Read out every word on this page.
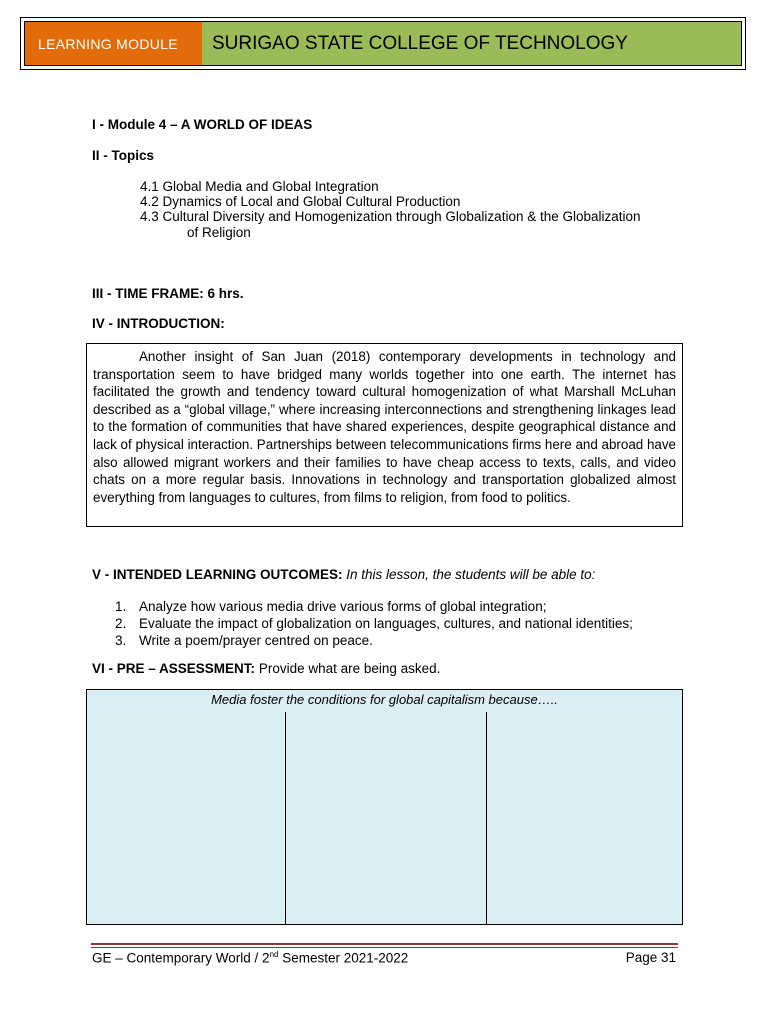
LEARNING MODULE	SURIGAO STATE COLLEGE OF TECHNOLOGY
I - Module 4 – A WORLD OF IDEAS
II - Topics
4.1 Global Media and Global Integration
4.2 Dynamics of Local and Global Cultural Production
4.3 Cultural Diversity and Homogenization through Globalization & the Globalization
of Religion
III - TIME FRAME: 6 hrs.
IV - INTRODUCTION:
Another insight of San Juan (2018) contemporary developments in technology and transportation seem to have bridged many worlds together into one earth. The internet has facilitated the growth and tendency toward cultural homogenization of what Marshall McLuhan described as a “global village,” where increasing interconnections and strengthening linkages lead to the formation of communities that have shared experiences, despite geographical distance and lack of physical interaction. Partnerships between telecommunications firms here and abroad have also allowed migrant workers and their families to have cheap access to texts, calls, and video chats on a more regular basis. Innovations in technology and transportation globalized almost everything from languages to cultures, from films to religion, from food to politics.
V - INTENDED LEARNING OUTCOMES: In this lesson, the students will be able to:
1. Analyze how various media drive various forms of global integration;
2. Evaluate the impact of globalization on languages, cultures, and national identities;
3. Write a poem/prayer centred on peace.
VI - PRE – ASSESSMENT: Provide what are being asked.
Media foster the conditions for global capitalism because…..
GE – Contemporary World / 2nd Semester 2021-2022	Page 31
